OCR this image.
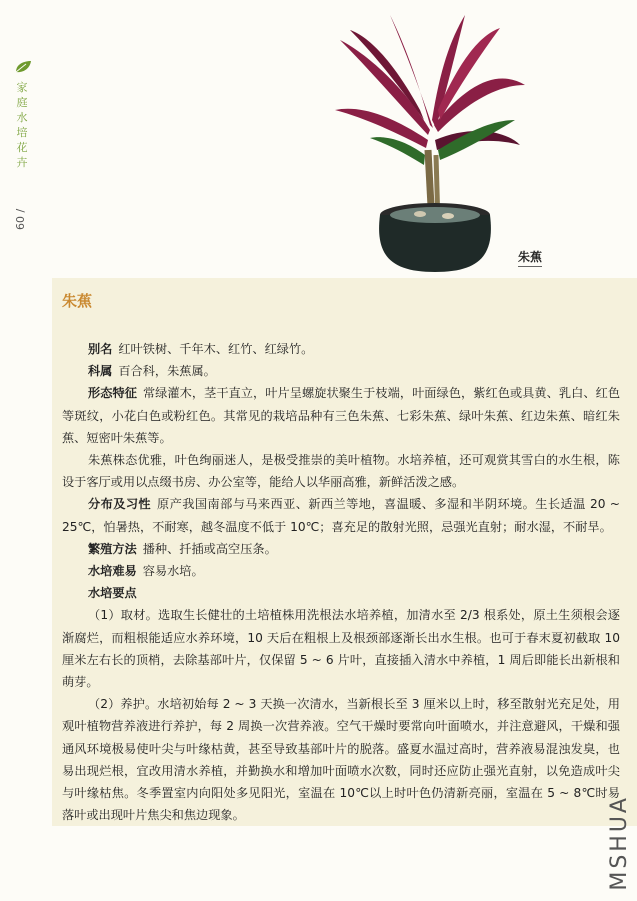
家
庭
水
培
花
卉
60 /
朱蕉
朱蕉

别名 红叶铁树、千年木、红竹、红绿竹。

科属 百合科，朱蕉属。

形态特征 常绿灌木，茎干直立，叶片呈螺旋状聚生于枝端，叶面绿色，紫红色或具黄、乳白、红色等斑纹，小花白色或粉红色。其常见的栽培品种有三色朱蕉、七彩朱蕉、绿叶朱蕉、红边朱蕉、暗红朱蕉、短密叶朱蕉等。

朱蕉株态优雅，叶色绚丽迷人，是极受推崇的美叶植物。水培养植，还可观赏其雪白的水生根，陈设于客厅或用以点缀书房、办公室等，能给人以华丽高雅，新鲜活泼之感。

分布及习性 原产我国南部与马来西亚、新西兰等地，喜温暖、多湿和半阴环境。生长适温 20 ~ 25℃，怕暑热，不耐寒，越冬温度不低于 10℃；喜充足的散射光照，忌强光直射；耐水湿，不耐旱。

繁殖方法 播种、扦插或高空压条。

水培难易 容易水培。

水培要点

（1）取材。选取生长健壮的土培植株用洗根法水培养植，加清水至 2/3 根系处，原土生须根会逐渐腐烂，而粗根能适应水养环境，10 天后在粗根上及根颈部逐渐长出水生根。也可于春末夏初截取 10 厘米左右长的顶梢，去除基部叶片，仅保留 5 ~ 6 片叶，直接插入清水中养植，1 周后即能长出新根和萌芽。

（2）养护。水培初始每 2 ~ 3 天换一次清水，当新根长至 3 厘米以上时，移至散射光充足处，用观叶植物营养液进行养护，每 2 周换一次营养液。空气干燥时要常向叶面喷水，并注意避风，干燥和强通风环境极易使叶尖与叶缘枯黄，甚至导致基部叶片的脱落。盛夏水温过高时，营养液易混浊发臭，也易出现烂根，宜改用清水养植，并勤换水和增加叶面喷水次数，同时还应防止强光直射，以免造成叶尖与叶缘枯焦。冬季置室内向阳处多见阳光，室温在 10℃以上时叶色仍清新亮丽，室温在 5 ~ 8℃时易落叶或出现叶片焦尖和焦边现象。	MSHUA
